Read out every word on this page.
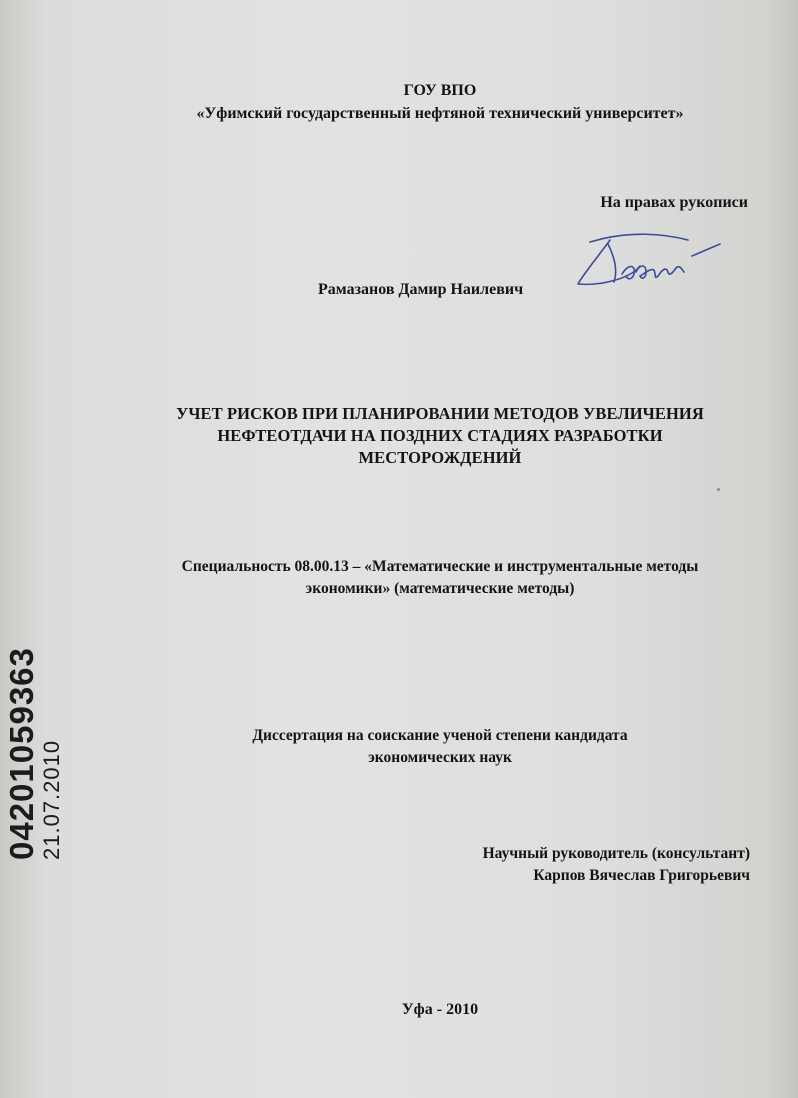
ГОУ ВПО
«Уфимский государственный нефтяной технический университет»
На правах рукописи
Рамазанов Дамир Наилевич
УЧЕТ РИСКОВ ПРИ ПЛАНИРОВАНИИ МЕТОДОВ УВЕЛИЧЕНИЯ
НЕФТЕОТДАЧИ НА ПОЗДНИХ СТАДИЯХ РАЗРАБОТКИ
МЕСТОРОЖДЕНИЙ
Специальность 08.00.13 – «Математические и инструментальные методы
экономики» (математические методы)
Диссертация на соискание ученой степени кандидата
экономических наук
Научный руководитель (консультант)
Карпов Вячеслав Григорьевич
Уфа - 2010
04201059363 21.07.2010
